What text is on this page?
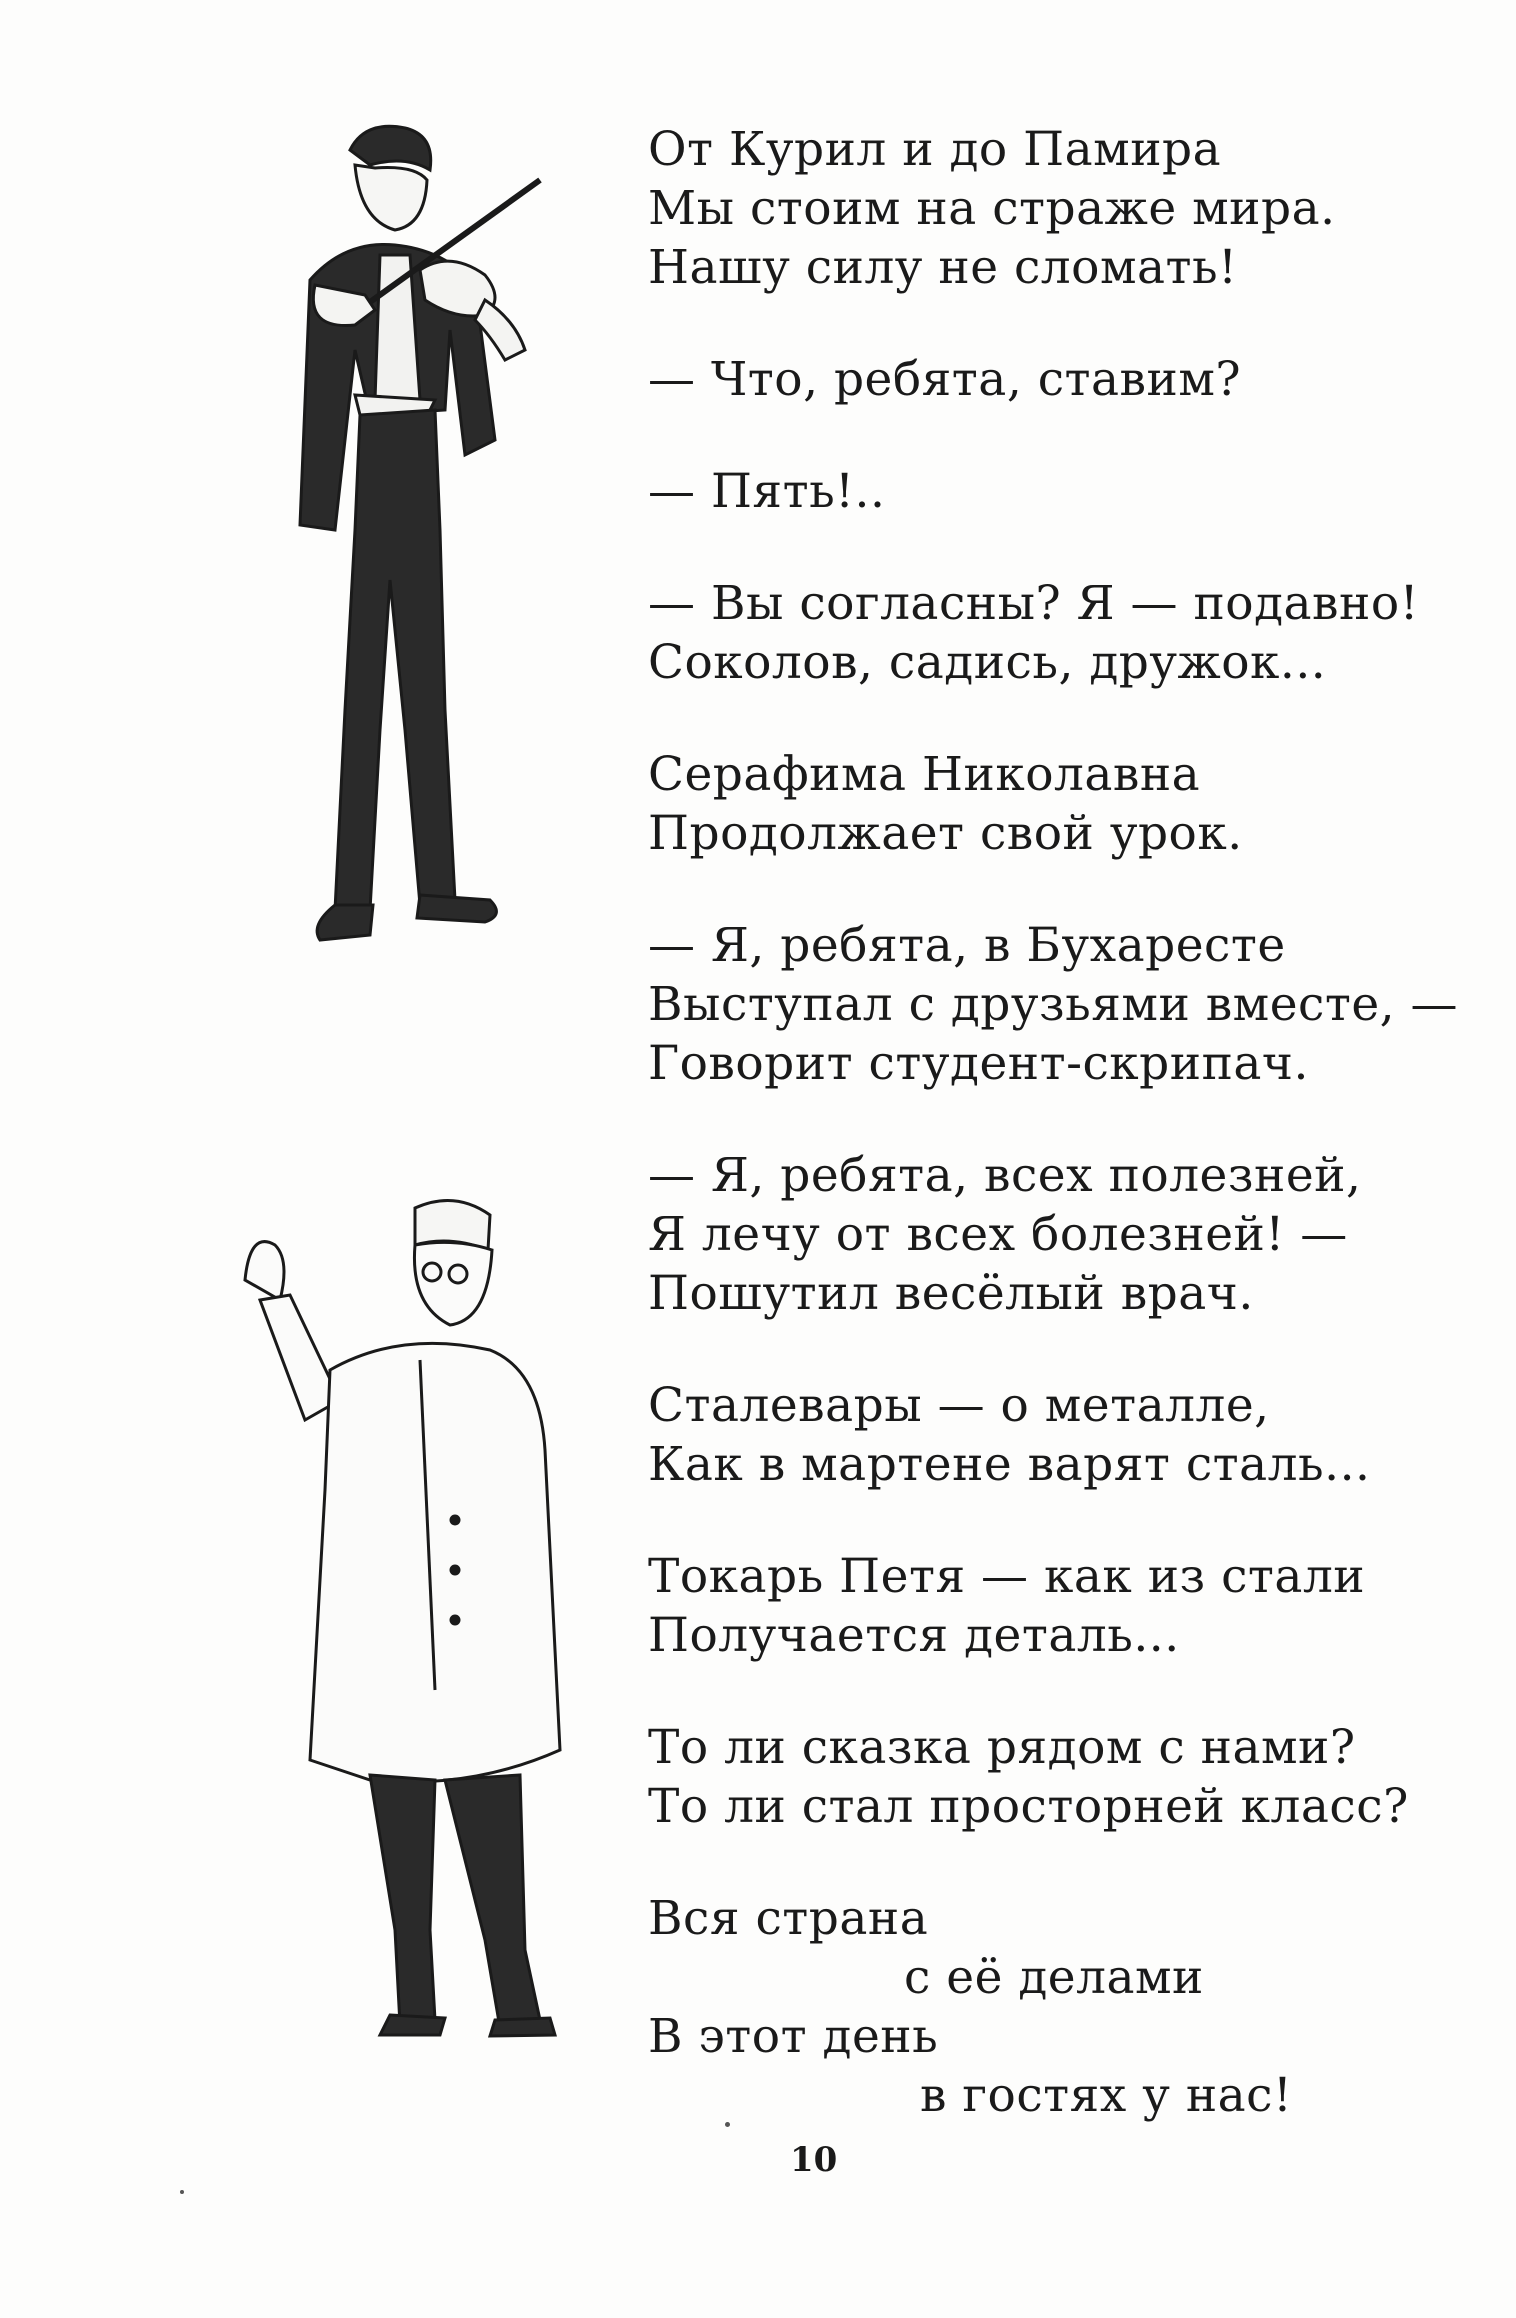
От Курил и до Памира
Мы стоим на страже мира.
Нашу силу не сломать!
— Что, ребята, ставим?
— Пять!..
— Вы согласны? Я — подавно!
Соколов, садись, дружок...
Серафима Николавна
Продолжает свой урок.
— Я, ребята, в Бухаресте
Выступал с друзьями вместе, —
Говорит студент-скрипач.
— Я, ребята, всех полезней,
Я лечу от всех болезней! —
Пошутил весёлый врач.
Сталевары — о металле,
Как в мартене варят сталь...
Токарь Петя — как из стали
Получается деталь...
То ли сказка рядом с нами?
То ли стал просторней класс?
Вся страна
с её делами
В этот день
в гостях у нас!
10
